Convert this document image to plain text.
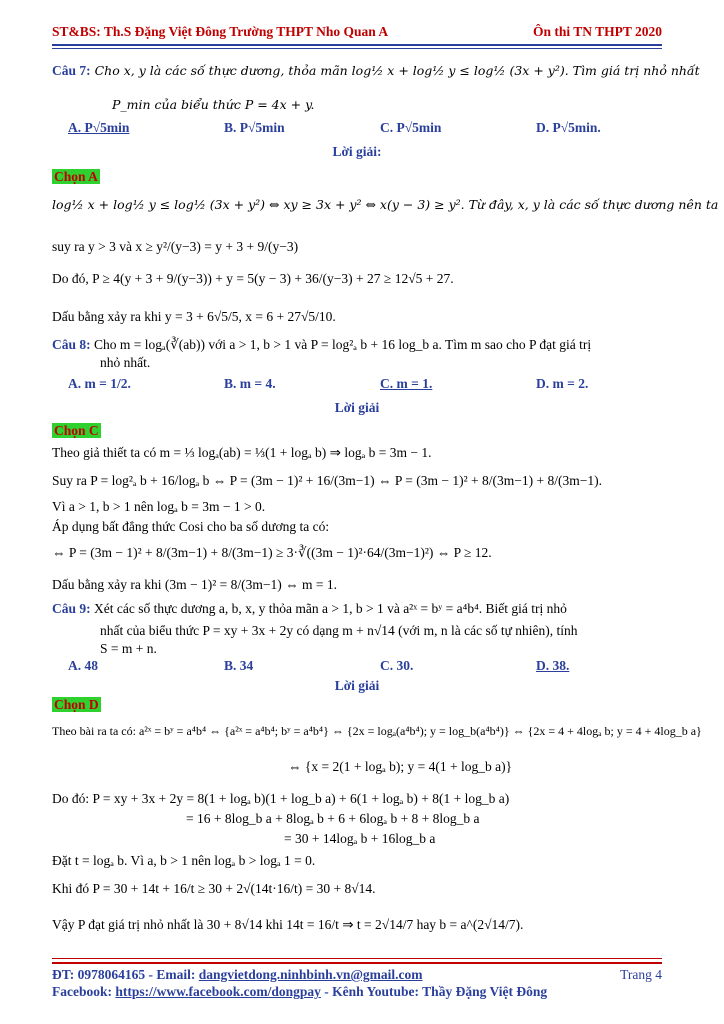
ST&BS: Th.S Đặng Việt Đông Trường THPT Nho Quan A	Ôn thi TN THPT 2020
Câu 7: Cho x, y là các số thực dương, thỏa mãn log½ x + log½ y ≤ log½ (3x + y²). Tìm giá trị nhỏ nhất
P_min của biểu thức P = 4x + y.
A. P√5min	B. P√5min	C. P√5min	D. P√5min.
Lời giải:
Chọn A
log½ x + log½ y ≤ log½ (3x + y²) ⇔ xy ≥ 3x + y² ⇔ x(y − 3) ≥ y². Từ đây, x, y là các số thực dương nên ta
suy ra y > 3 và x ≥ y²/(y−3) = y + 3 + 9/(y−3)
Do đó, P ≥ 4(y + 3 + 9/(y−3)) + y = 5(y − 3) + 36/(y−3) + 27 ≥ 12√5 + 27.
Dấu bằng xảy ra khi y = 3 + 6√5/5, x = 6 + 27√5/10.
Câu 8: Cho m = logₐ(∛(ab)) với a > 1, b > 1 và P = log²ₐ b + 16 log_b a. Tìm m sao cho P đạt giá trị
nhỏ nhất.
A. m = 1/2.	B. m = 4.	C. m = 1.	D. m = 2.
Lời giải
Chọn C
Theo giả thiết ta có m = ⅓ logₐ(ab) = ⅓(1 + logₐ b) ⇒ logₐ b = 3m − 1.
Suy ra P = log²ₐ b + 16/logₐ b ⇔ P = (3m − 1)² + 16/(3m−1) ⇔ P = (3m − 1)² + 8/(3m−1) + 8/(3m−1).
Vì a > 1, b > 1 nên logₐ b = 3m − 1 > 0.
Áp dụng bất đẳng thức Cosi cho ba số dương ta có:
⇔ P = (3m − 1)² + 8/(3m−1) + 8/(3m−1) ≥ 3·∛((3m − 1)²·64/(3m−1)²) ⇔ P ≥ 12.
Dấu bằng xảy ra khi (3m − 1)² = 8/(3m−1) ⇔ m = 1.
Câu 9: Xét các số thực dương a, b, x, y thỏa mãn a > 1, b > 1 và a²ˣ = bʸ = a⁴b⁴. Biết giá trị nhỏ
nhất của biểu thức P = xy + 3x + 2y có dạng m + n√14 (với m, n là các số tự nhiên), tính
S = m + n.
A. 48	B. 34	C. 30.	D. 38.
Lời giải
Chọn D
Theo bài ra ta có: a²ˣ = bʸ = a⁴b⁴ ⇔ {a²ˣ = a⁴b⁴; bʸ = a⁴b⁴} ⇔ {2x = logₐ(a⁴b⁴); y = log_b(a⁴b⁴)} ⇔ {2x = 4 + 4logₐ b; y = 4 + 4log_b a}
⇔ {x = 2(1 + logₐ b); y = 4(1 + log_b a)}
Do đó: P = xy + 3x + 2y = 8(1 + logₐ b)(1 + log_b a) + 6(1 + logₐ b) + 8(1 + log_b a)
= 16 + 8log_b a + 8logₐ b + 6 + 6logₐ b + 8 + 8log_b a
= 30 + 14logₐ b + 16log_b a
Đặt t = logₐ b. Vì a, b > 1 nên logₐ b > logₐ 1 = 0.
Khi đó P = 30 + 14t + 16/t ≥ 30 + 2√(14t·16/t) = 30 + 8√14.
Vậy P đạt giá trị nhỏ nhất là 30 + 8√14 khi 14t = 16/t ⇒ t = 2√14/7 hay b = a^(2√14/7).
ĐT: 0978064165 - Email: dangvietdong.ninhbinh.vn@gmail.com
Facebook: https://www.facebook.com/dongpay - Kênh Youtube: Thầy Đặng Việt Đông
Trang 4
